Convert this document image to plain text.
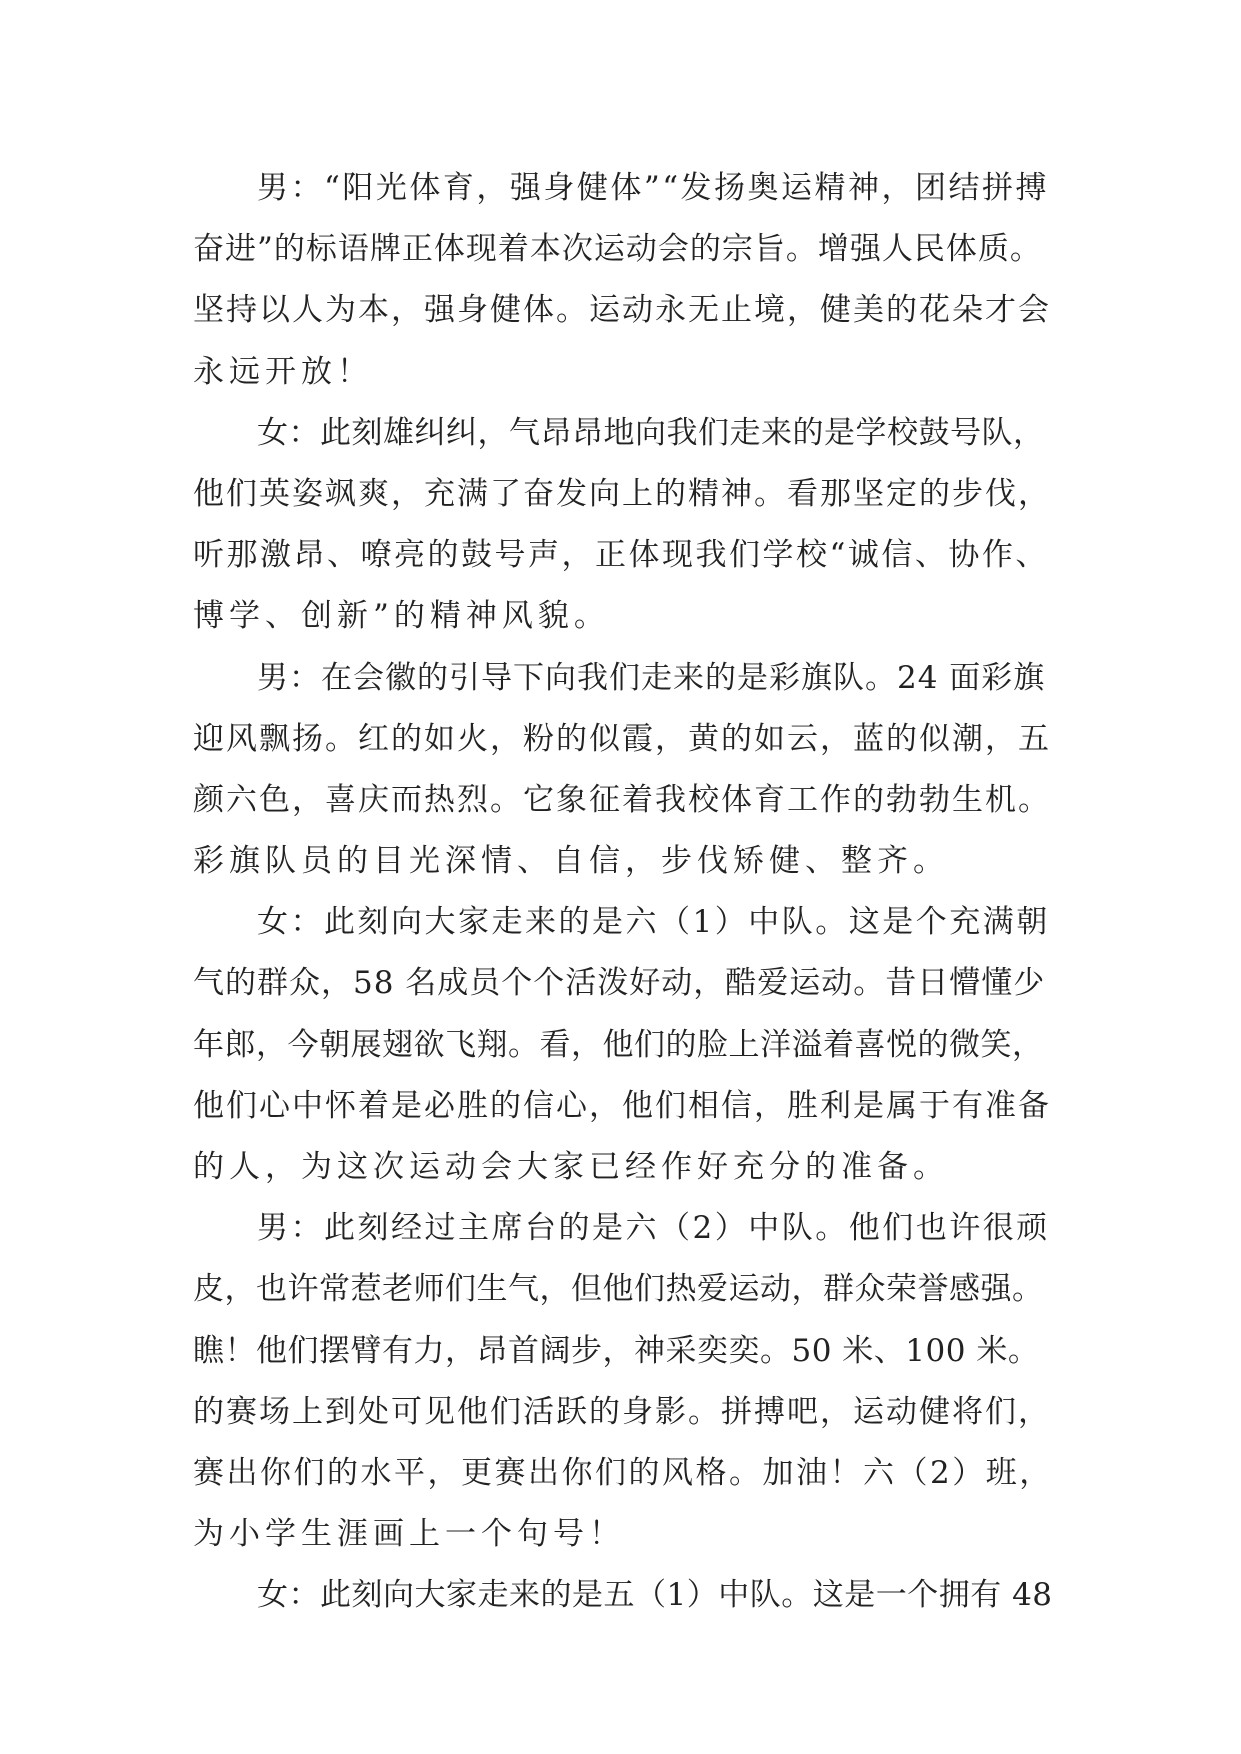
男：“阳光体育，强身健体”“发扬奥运精神，团结拼搏
奋进”的标语牌正体现着本次运动会的宗旨。增强人民体质。
坚持以人为本，强身健体。运动永无止境，健美的花朵才会
永远开放！

女：此刻雄纠纠，气昂昂地向我们走来的是学校鼓号队，
他们英姿飒爽，充满了奋发向上的精神。看那坚定的步伐，
听那激昂、嘹亮的鼓号声，正体现我们学校“诚信、协作、
博学、创新”的精神风貌。

男：在会徽的引导下向我们走来的是彩旗队。24 面彩旗
迎风飘扬。红的如火，粉的似霞，黄的如云，蓝的似潮，五
颜六色，喜庆而热烈。它象征着我校体育工作的勃勃生机。
彩旗队员的目光深情、自信，步伐矫健、整齐。

女：此刻向大家走来的是六（1）中队。这是个充满朝
气的群众，58 名成员个个活泼好动，酷爱运动。昔日懵懂少
年郎，今朝展翅欲飞翔。看，他们的脸上洋溢着喜悦的微笑，
他们心中怀着是必胜的信心，他们相信，胜利是属于有准备
的人，为这次运动会大家已经作好充分的准备。

男：此刻经过主席台的是六（2）中队。他们也许很顽
皮，也许常惹老师们生气，但他们热爱运动，群众荣誉感强。
瞧！他们摆臂有力，昂首阔步，神采奕奕。50 米、100 米。
的赛场上到处可见他们活跃的身影。拼搏吧，运动健将们，
赛出你们的水平，更赛出你们的风格。加油！六（2）班，
为小学生涯画上一个句号！

女：此刻向大家走来的是五（1）中队。这是一个拥有 48
